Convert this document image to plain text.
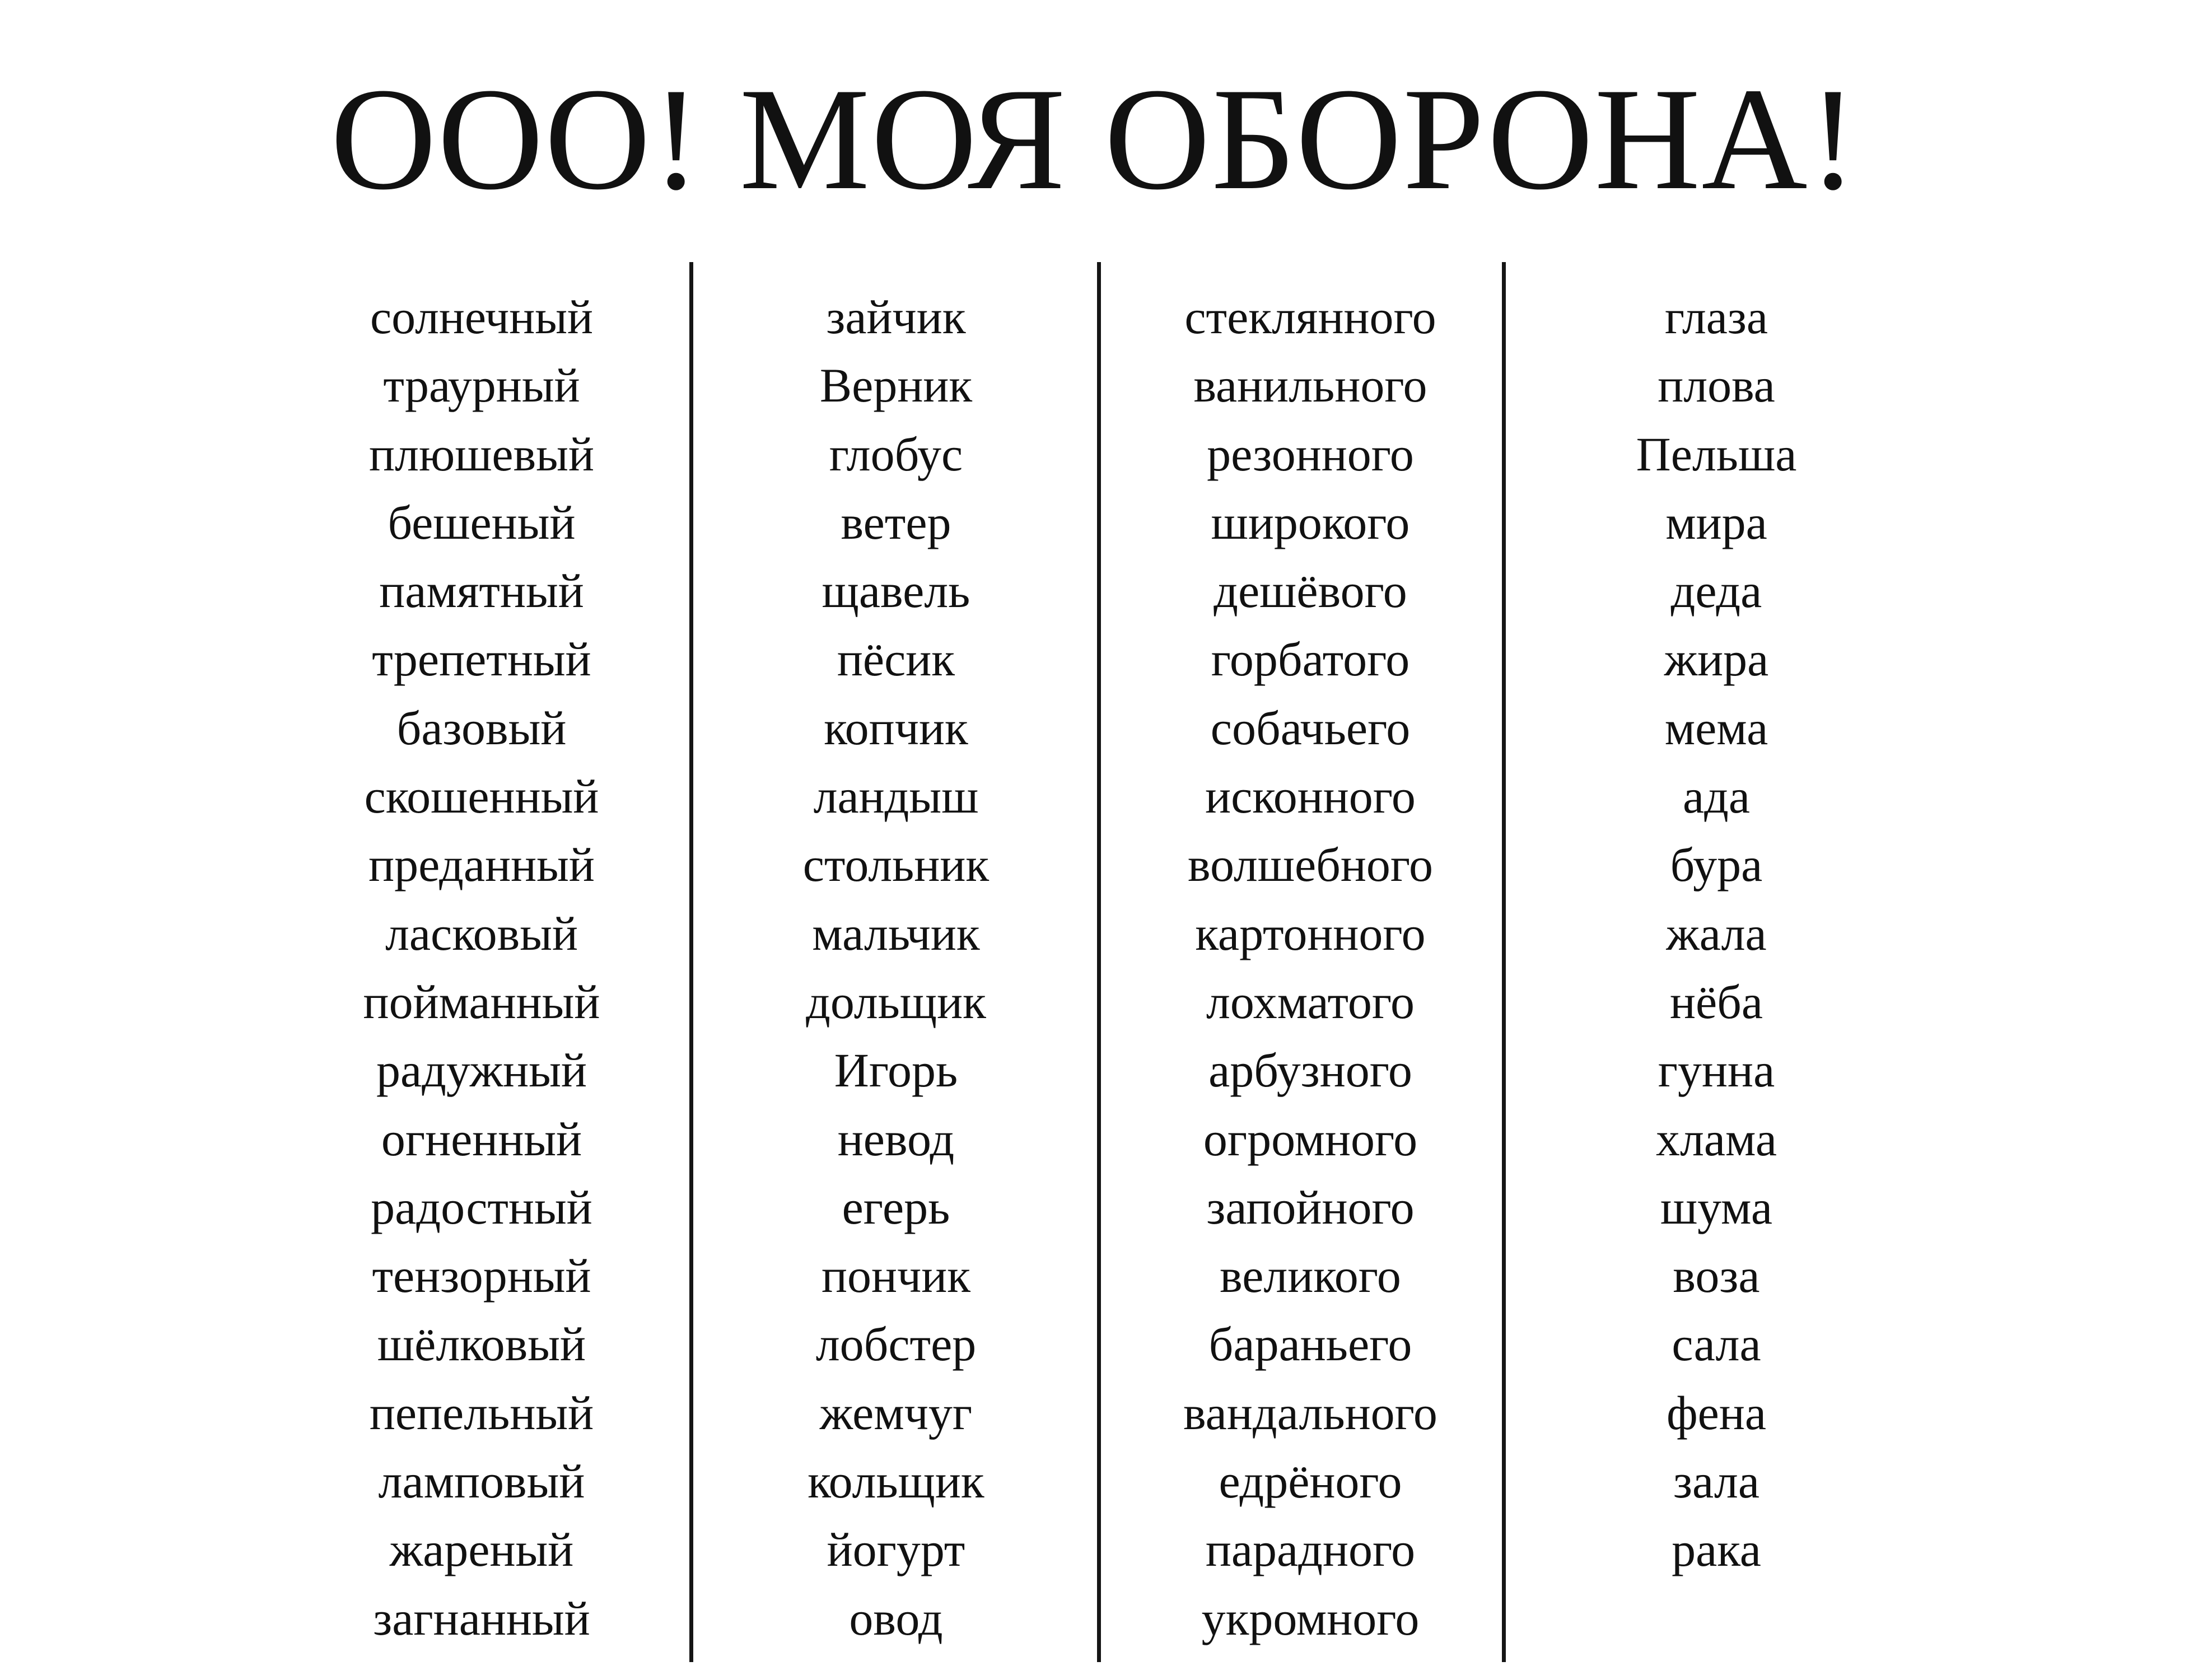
ООО! МОЯ ОБОРОНА!
солнечный
траурный
плюшевый
бешеный
памятный
трепетный
базовый
скошенный
преданный
ласковый
пойманный
радужный
огненный
радостный
тензорный
шёлковый
пепельный
ламповый
жареный
загнанный
зайчик
Верник
глобус
ветер
щавель
пёсик
копчик
ландыш
стольник
мальчик
дольщик
Игорь
невод
егерь
пончик
лобстер
жемчуг
кольщик
йогурт
овод
стеклянного
ванильного
резонного
широкого
дешёвого
горбатого
собачьего
исконного
волшебного
картонного
лохматого
арбузного
огромного
запойного
великого
бараньего
вандального
едрёного
парадного
укромного
глаза
плова
Пельша
мира
деда
жира
мема
ада
бура
жала
нёба
гунна
хлама
шума
воза
сала
фена
зала
рака
